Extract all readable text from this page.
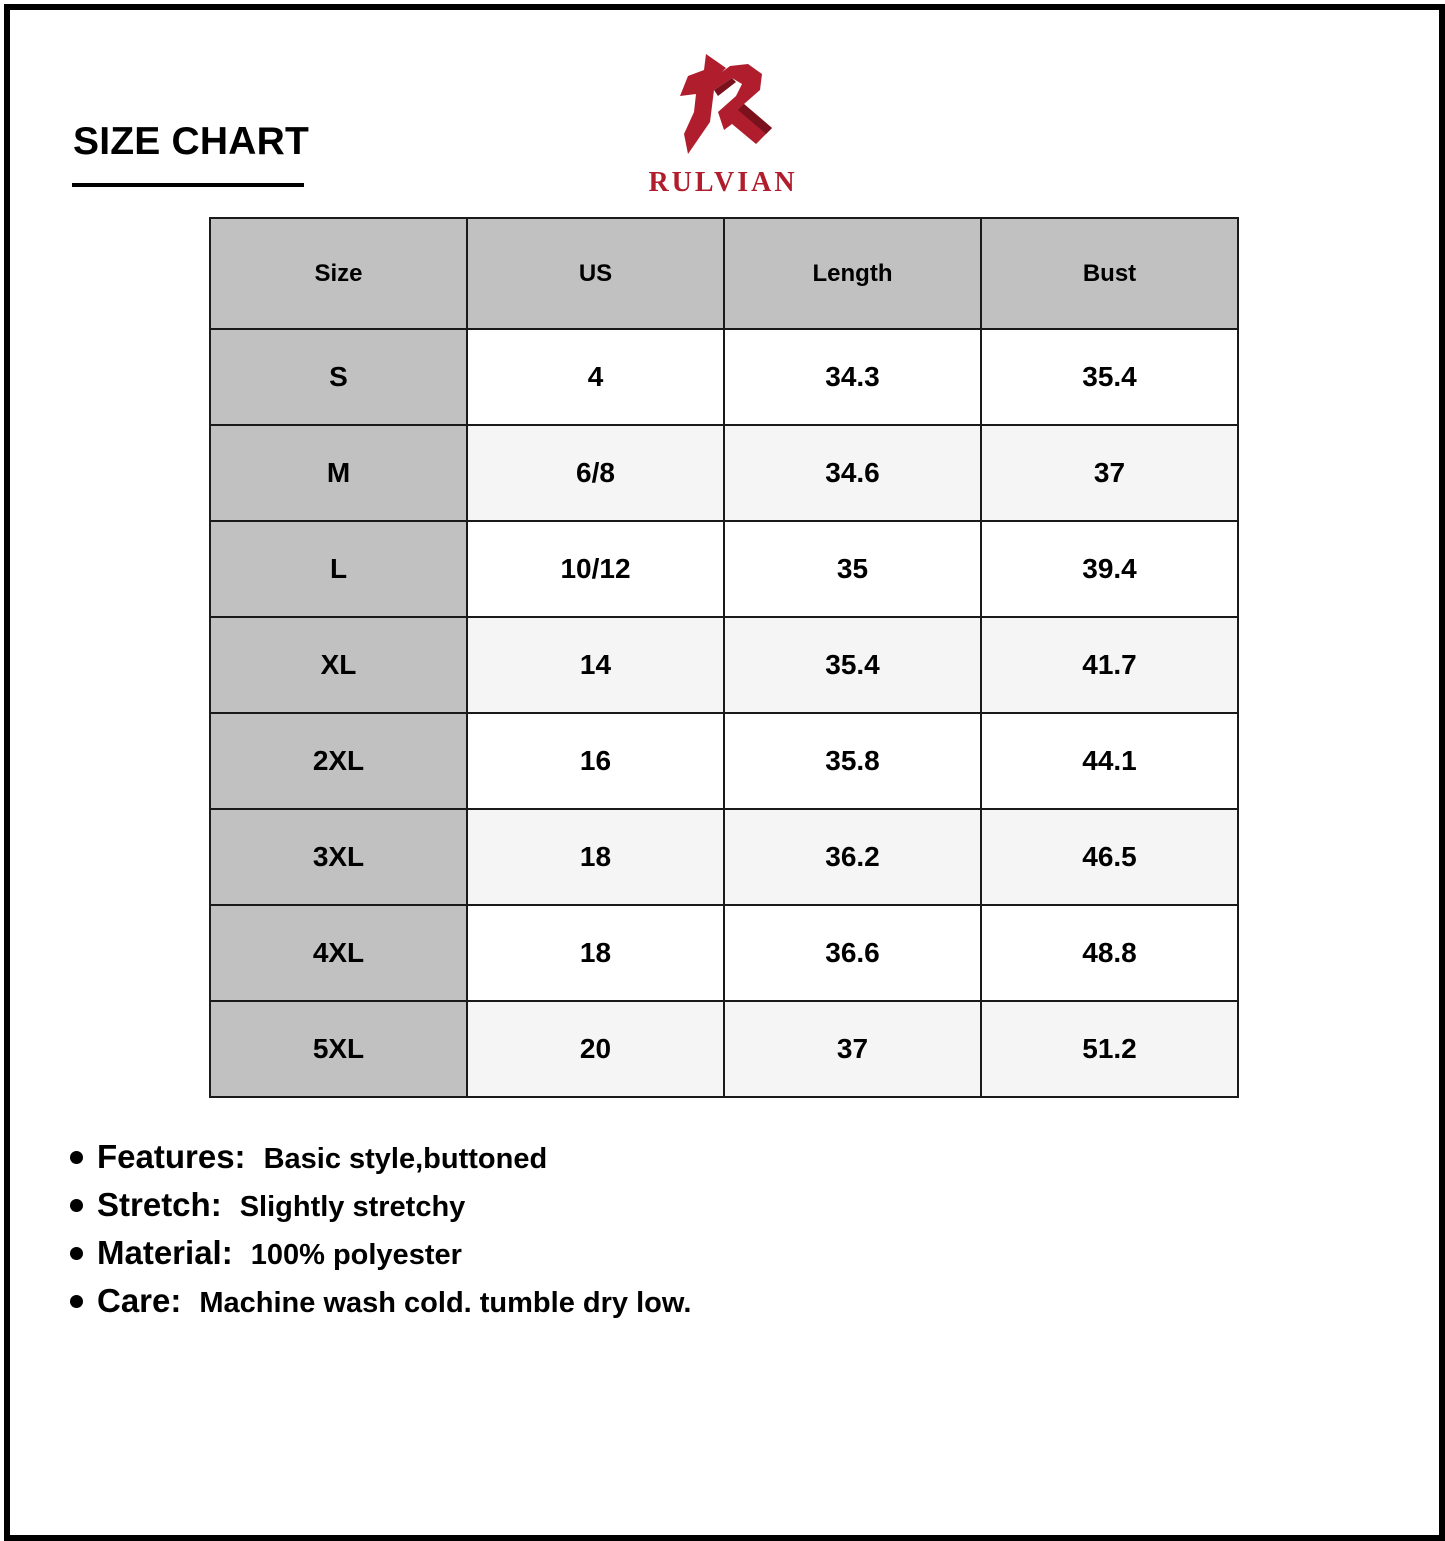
SIZE CHART
RULVIAN
Size	US	Length	Bust
S	4	34.3	35.4
M	6/8	34.6	37
L	10/12	35	39.4
XL	14	35.4	41.7
2XL	16	35.8	44.1
3XL	18	36.2	46.5
4XL	18	36.6	48.8
5XL	20	37	51.2
Features: Basic style,buttoned
Stretch: Slightly stretchy
Material: 100% polyester
Care: Machine wash cold. tumble dry low.
